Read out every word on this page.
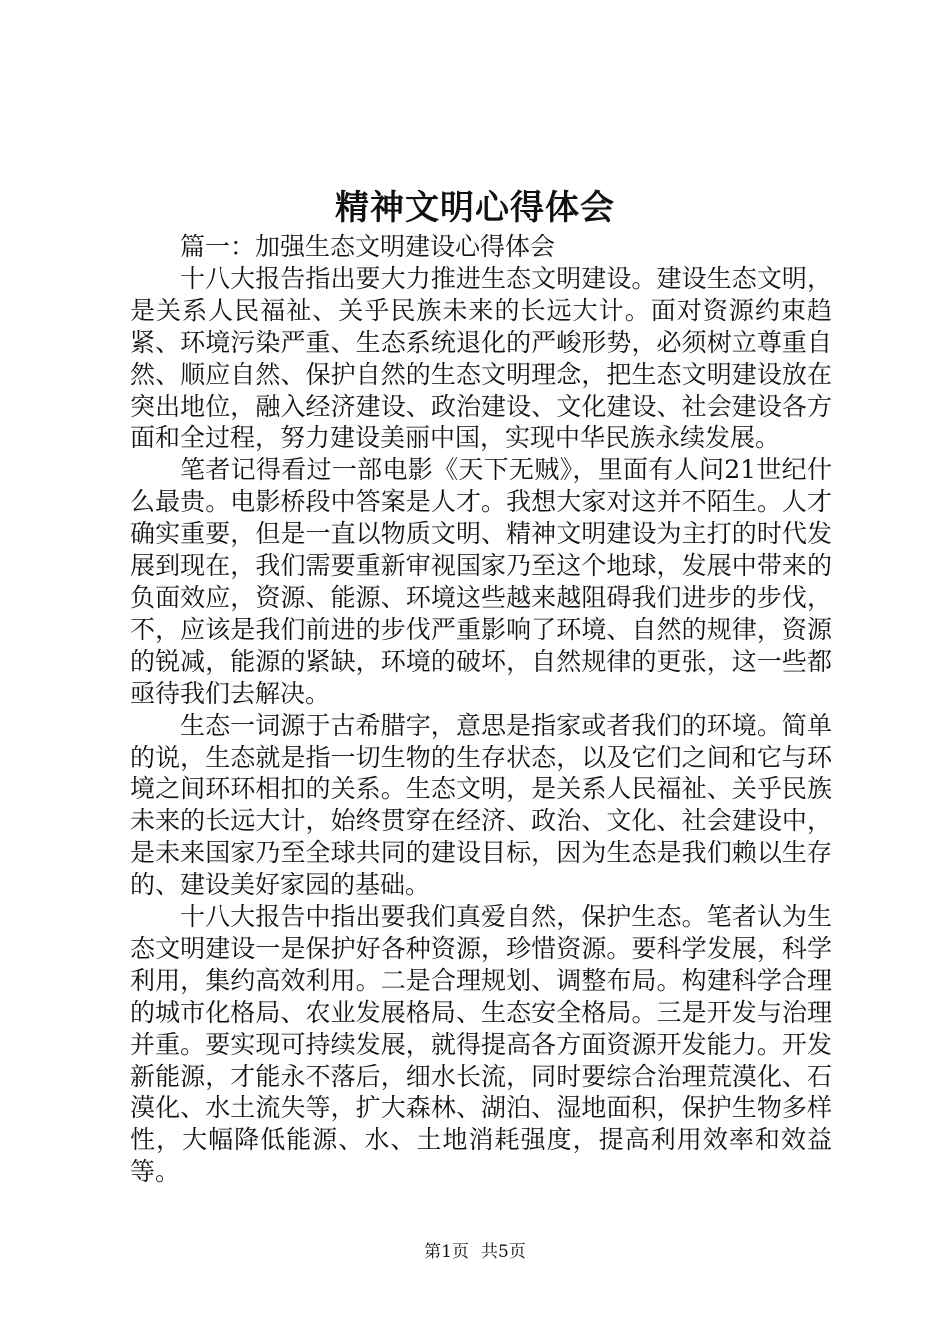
精神文明心得体会

篇一：加强生态文明建设心得体会

十八大报告指出要大力推进生态文明建设。建设生态文明，是关系人民福祉、关乎民族未来的长远大计。面对资源约束趋紧、环境污染严重、生态系统退化的严峻形势，必须树立尊重自然、顺应自然、保护自然的生态文明理念，把生态文明建设放在突出地位，融入经济建设、政治建设、文化建设、社会建设各方面和全过程，努力建设美丽中国，实现中华民族永续发展。

笔者记得看过一部电影《天下无贼》，里面有人问21世纪什么最贵。电影桥段中答案是人才。我想大家对这并不陌生。人才确实重要，但是一直以物质文明、精神文明建设为主打的时代发展到现在，我们需要重新审视国家乃至这个地球，发展中带来的负面效应，资源、能源、环境这些越来越阻碍我们进步的步伐，不，应该是我们前进的步伐严重影响了环境、自然的规律，资源的锐减，能源的紧缺，环境的破坏，自然规律的更张，这一些都亟待我们去解决。

生态一词源于古希腊字，意思是指家或者我们的环境。简单的说，生态就是指一切生物的生存状态，以及它们之间和它与环境之间环环相扣的关系。生态文明，是关系人民福祉、关乎民族未来的长远大计，始终贯穿在经济、政治、文化、社会建设中，是未来国家乃至全球共同的建设目标，因为生态是我们赖以生存的、建设美好家园的基础。

十八大报告中指出要我们真爱自然，保护生态。笔者认为生态文明建设一是保护好各种资源，珍惜资源。要科学发展，科学利用，集约高效利用。二是合理规划、调整布局。构建科学合理的城市化格局、农业发展格局、生态安全格局。三是开发与治理并重。要实现可持续发展，就得提高各方面资源开发能力。开发新能源，才能永不落后，细水长流，同时要综合治理荒漠化、石漠化、水土流失等，扩大森林、湖泊、湿地面积，保护生物多样性，大幅降低能源、水、土地消耗强度，提高利用效率和效益等。

第1页 共5页
